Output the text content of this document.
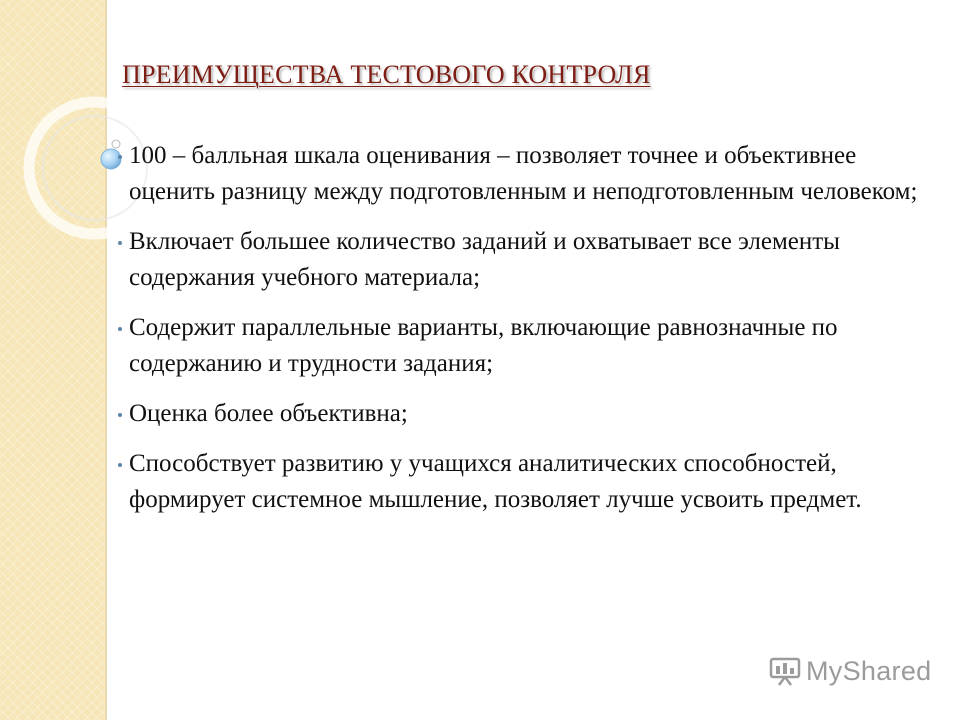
ПРЕИМУЩЕСТВА ТЕСТОВОГО КОНТРОЛЯ
100 – балльная шкала оценивания – позволяет точнее и объективнее оценить разницу между подготовленным и неподготовленным человеком;
Включает большее количество заданий и охватывает все элементы содержания учебного материала;
Содержит параллельные варианты, включающие равнозначные по содержанию и трудности задания;
Оценка более объективна;
Способствует развитию у учащихся аналитических способностей, формирует системное мышление, позволяет лучше усвоить предмет.
MyShared
